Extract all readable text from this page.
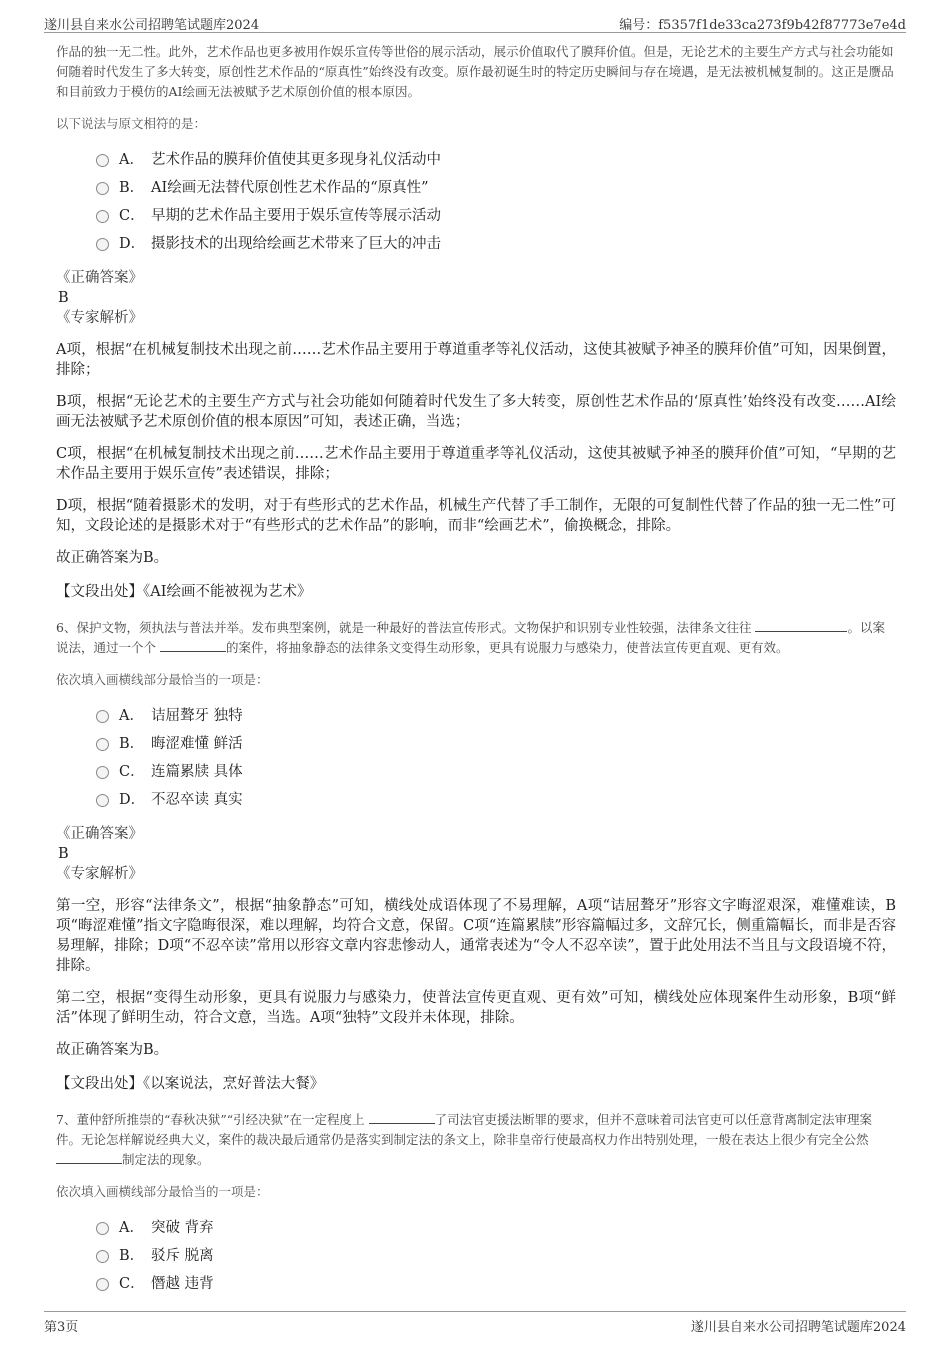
遂川县自来水公司招聘笔试题库2024	编号：f5357f1de33ca273f9b42f87773e7e4d

作品的独一无二性。此外，艺术作品也更多被用作娱乐宣传等世俗的展示活动，展示价值取代了膜拜价值。但是，无论艺术的主要生产方式与社会功能如何随着时代发生了多大转变，原创性艺术作品的“原真性”始终没有改变。原作最初诞生时的特定历史瞬间与存在境遇，是无法被机械复制的。这正是赝品和目前致力于模仿的AI绘画无法被赋予艺术原创价值的根本原因。

以下说法与原文相符的是：

A． 艺术作品的膜拜价值使其更多现身礼仪活动中
B． AI绘画无法替代原创性艺术作品的“原真性”
C． 早期的艺术作品主要用于娱乐宣传等展示活动
D． 摄影技术的出现给绘画艺术带来了巨大的冲击

《正确答案》

B

《专家解析》

A项，根据“在机械复制技术出现之前……艺术作品主要用于尊道重孝等礼仪活动，这使其被赋予神圣的膜拜价值”可知，因果倒置，排除；

B项，根据“无论艺术的主要生产方式与社会功能如何随着时代发生了多大转变，原创性艺术作品的‘原真性’始终没有改变……AI绘画无法被赋予艺术原创价值的根本原因”可知，表述正确，当选；

C项，根据“在机械复制技术出现之前……艺术作品主要用于尊道重孝等礼仪活动，这使其被赋予神圣的膜拜价值”可知，“早期的艺术作品主要用于娱乐宣传”表述错误，排除；

D项，根据“随着摄影术的发明，对于有些形式的艺术作品，机械生产代替了手工制作，无限的可复制性代替了作品的独一无二性”可知，文段论述的是摄影术对于“有些形式的艺术作品”的影响，而非“绘画艺术”，偷换概念，排除。

故正确答案为B。

【文段出处】《AI绘画不能被视为艺术》

6、保护文物，须执法与普法并举。发布典型案例，就是一种最好的普法宣传形式。文物保护和识别专业性较强，法律条文往往	。以案说法，通过一个个	的案件，将抽象静态的法律条文变得生动形象，更具有说服力与感染力，使普法宣传更直观、更有效。

依次填入画横线部分最恰当的一项是：

A． 诘屈聱牙 独特
B． 晦涩难懂 鲜活
C． 连篇累牍 具体
D． 不忍卒读 真实

《正确答案》

B

《专家解析》

第一空，形容“法律条文”，根据“抽象静态”可知，横线处成语体现了不易理解，A项“诘屈聱牙”形容文字晦涩艰深，难懂难读，B项“晦涩难懂”指文字隐晦很深，难以理解，均符合文意，保留。C项“连篇累牍”形容篇幅过多，文辞冗长，侧重篇幅长，而非是否容易理解，排除；D项“不忍卒读”常用以形容文章内容悲惨动人，通常表述为“令人不忍卒读”，置于此处用法不当且与文段语境不符，排除。

第二空，根据“变得生动形象，更具有说服力与感染力，使普法宣传更直观、更有效”可知，横线处应体现案件生动形象，B项“鲜活”体现了鲜明生动，符合文意，当选。A项“独特”文段并未体现，排除。

故正确答案为B。

【文段出处】《以案说法，烹好普法大餐》

7、董仲舒所推崇的“春秋决狱”“引经决狱”在一定程度上	了司法官吏援法断罪的要求，但并不意味着司法官吏可以任意背离制定法审理案件。无论怎样解说经典大义，案件的裁决最后通常仍是落实到制定法的条文上，除非皇帝行使最高权力作出特别处理，一般在表达上很少有完全公然 制定法的现象。

依次填入画横线部分最恰当的一项是：

A． 突破 背弃
B． 驳斥 脱离
C． 僭越 违背
第3页	遂川县自来水公司招聘笔试题库2024
